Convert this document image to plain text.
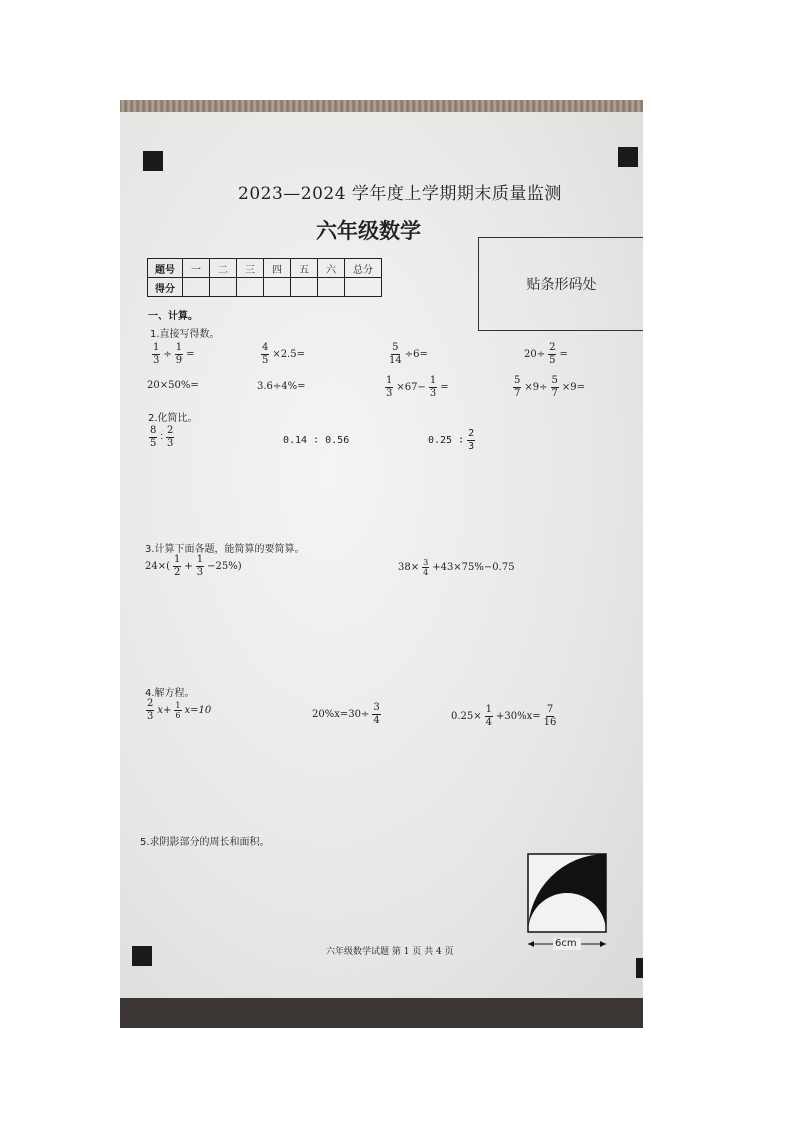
2023—2024 学年度上学期期末质量监测
六年级数学
题号	一	二	三	四	五	六	总分
得分								贴条形码处
一、计算。
1.直接写得数。
$\frac{1}{3} \div \frac{1}{9}$ =	$\frac{4}{5} \times 2.5=$	$\frac{5}{14} \div 6=$	$20\div \frac{2}{5}$ =
20×50%=	3.6÷4%=	$\frac{1}{3} \times 67- \frac{1}{3}$ =	$\frac{5}{7} \times 9\div \frac{5}{7} \times 9=$
2.化简比。
$\frac{8}{5}$ ∶ $\frac{2}{3}$	0.14 ∶ 0.56	0.25 ∶ $\frac{2}{3}$
3.计算下面各题，能简算的要简算。
$24\times( \frac{1}{2} + \frac{1}{3} -25\%)$	$38\times \frac{3}{4} +43\times 75\%-0.75$
4.解方程。
$\frac{2}{3} x+ \frac{1}{6} x=10$	$20\%x=30\div \frac{3}{4}$	$0.25\times \frac{1}{4} +30\%x= \frac{7}{16}$
5.求阴影部分的周长和面积。
6cm
六年级数学试题 第 1 页 共 4 页
